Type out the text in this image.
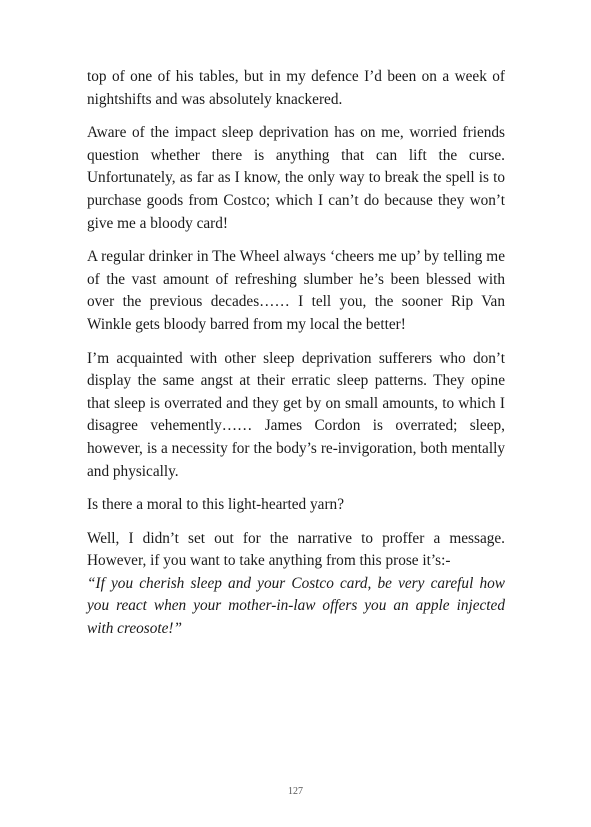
top of one of his tables, but in my defence I’d been on a week of nightshifts and was absolutely knackered.

Aware of the impact sleep deprivation has on me, worried friends question whether there is anything that can lift the curse. Unfortunately, as far as I know, the only way to break the spell is to purchase goods from Costco; which I can’t do because they won’t give me a bloody card!

A regular drinker in The Wheel always ‘cheers me up’ by telling me of the vast amount of refreshing slumber he’s been blessed with over the previous decades…… I tell you, the sooner Rip Van Winkle gets bloody barred from my local the better!

I’m acquainted with other sleep deprivation sufferers who don’t display the same angst at their erratic sleep patterns. They opine that sleep is overrated and they get by on small amounts, to which I disagree vehemently…… James Cordon is overrated; sleep, however, is a necessity for the body’s re-invigoration, both mentally and physically.

Is there a moral to this light-hearted yarn?

Well, I didn’t set out for the narrative to proffer a message. However, if you want to take anything from this prose it’s:-
“If you cherish sleep and your Costco card, be very careful how you react when your mother-in-law offers you an apple injected with creosote!”

127
